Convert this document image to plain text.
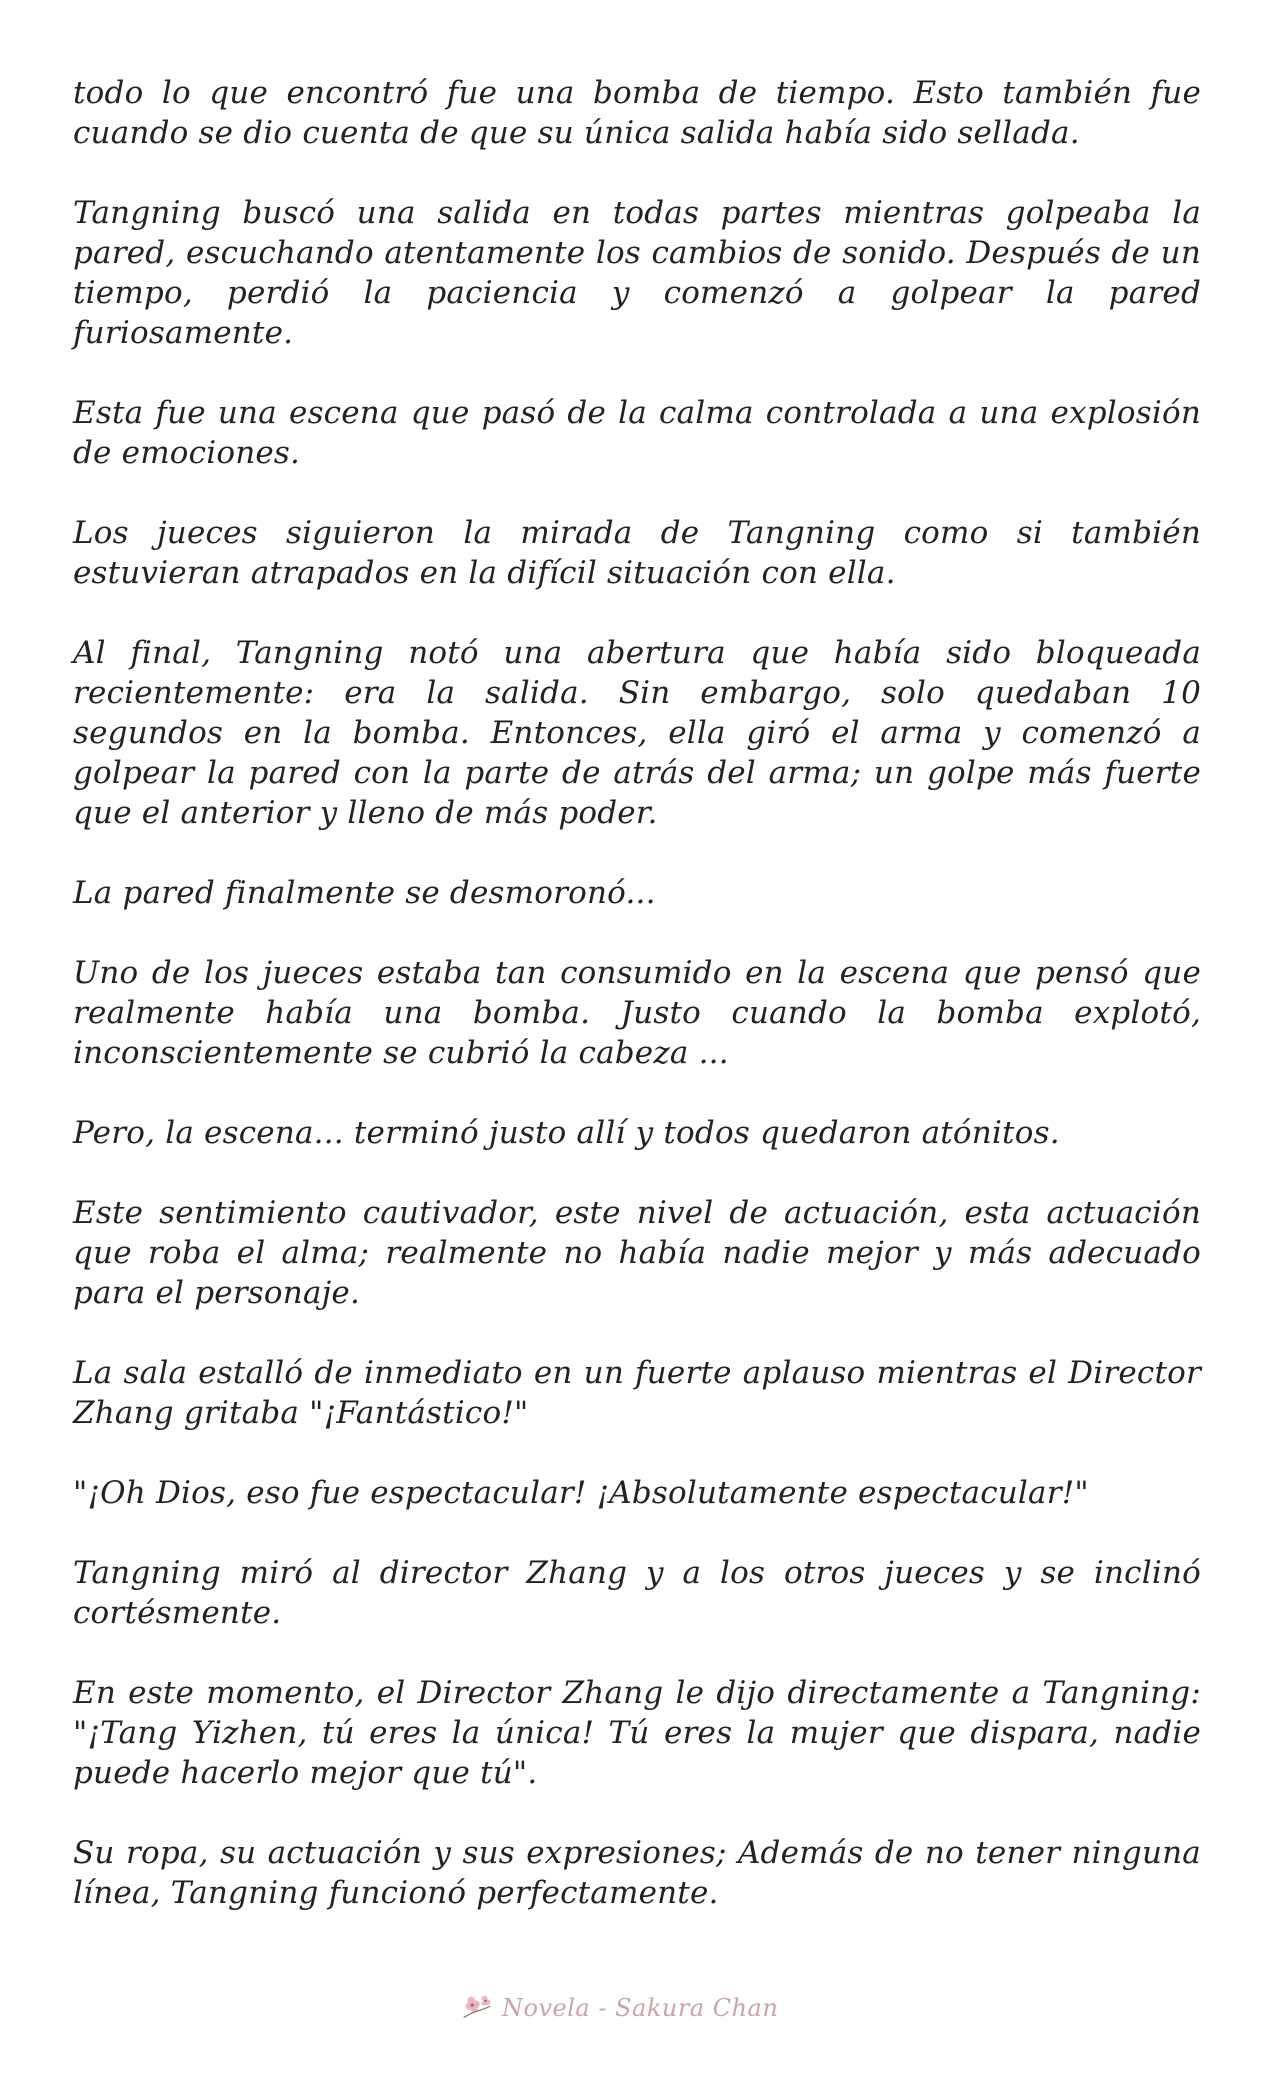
todo lo que encontró fue una bomba de tiempo. Esto también fue cuando se dio cuenta de que su única salida había sido sellada.

Tangning buscó una salida en todas partes mientras golpeaba la pared, escuchando atentamente los cambios de sonido. Después de un tiempo, perdió la paciencia y comenzó a golpear la pared furiosamente.

Esta fue una escena que pasó de la calma controlada a una explosión de emociones.

Los jueces siguieron la mirada de Tangning como si también estuvieran atrapados en la difícil situación con ella.

Al final, Tangning notó una abertura que había sido bloqueada recientemente: era la salida. Sin embargo, solo quedaban 10 segundos en la bomba. Entonces, ella giró el arma y comenzó a golpear la pared con la parte de atrás del arma; un golpe más fuerte que el anterior y lleno de más poder.

La pared finalmente se desmoronó...

Uno de los jueces estaba tan consumido en la escena que pensó que realmente había una bomba. Justo cuando la bomba explotó, inconscientemente se cubrió la cabeza ...

Pero, la escena... terminó justo allí y todos quedaron atónitos.

Este sentimiento cautivador, este nivel de actuación, esta actuación que roba el alma; realmente no había nadie mejor y más adecuado para el personaje.

La sala estalló de inmediato en un fuerte aplauso mientras el Director Zhang gritaba "¡Fantástico!"

"¡Oh Dios, eso fue espectacular! ¡Absolutamente espectacular!"

Tangning miró al director Zhang y a los otros jueces y se inclinó cortésmente.

En este momento, el Director Zhang le dijo directamente a Tangning: "¡Tang Yizhen, tú eres la única! Tú eres la mujer que dispara, nadie puede hacerlo mejor que tú".

Su ropa, su actuación y sus expresiones; Además de no tener ninguna línea, Tangning funcionó perfectamente.

Novela - Sakura Chan
